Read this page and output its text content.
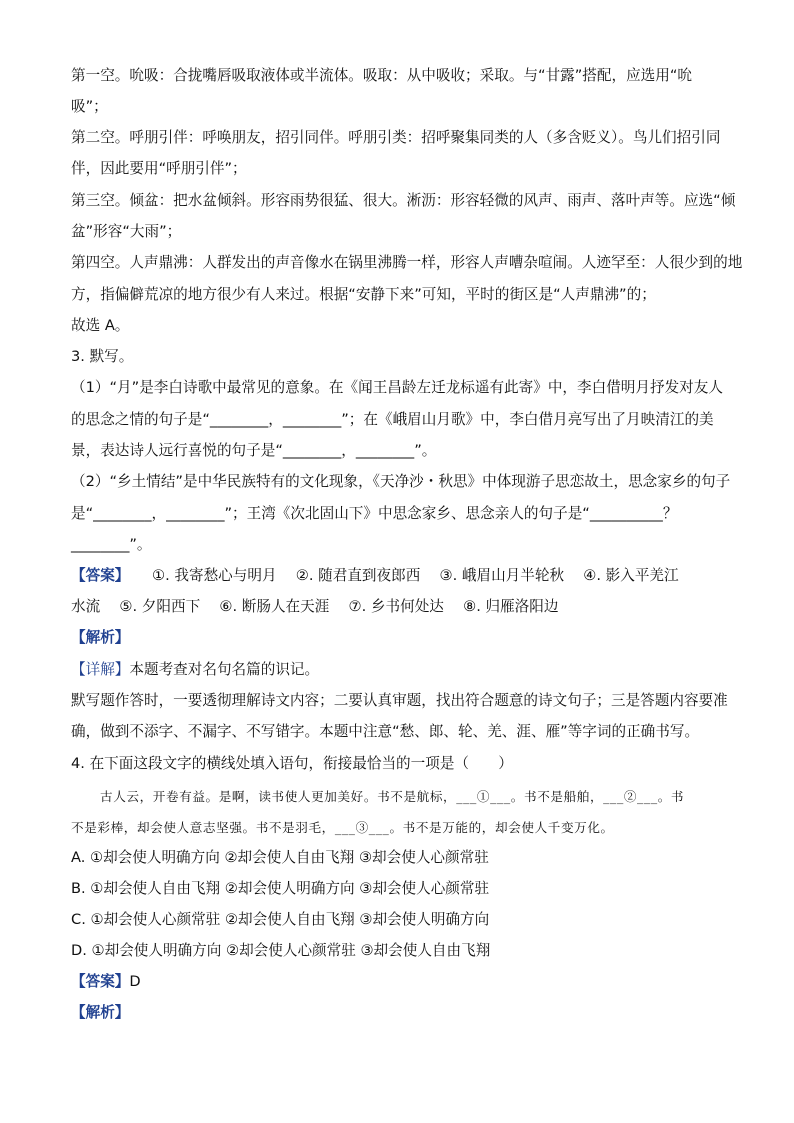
第一空。吮吸：合拢嘴唇吸取液体或半流体。吸取：从中吸收；采取。与“甘露”搭配，应选用“吮
吸”；
第二空。呼朋引伴：呼唤朋友，招引同伴。呼朋引类：招呼聚集同类的人（多含贬义）。鸟儿们招引同
伴，因此要用“呼朋引伴”；
第三空。倾盆：把水盆倾斜。形容雨势很猛、很大。淅沥：形容轻微的风声、雨声、落叶声等。应选“倾
盆”形容“大雨”；
第四空。人声鼎沸：人群发出的声音像水在锅里沸腾一样，形容人声嘈杂喧闹。人迹罕至：人很少到的地
方，指偏僻荒凉的地方很少有人来过。根据“安静下来”可知，平时的街区是“人声鼎沸”的；
故选 A。
3. 默写。
（1）“月”是李白诗歌中最常见的意象。在《闻王昌龄左迁龙标遥有此寄》中，李白借明月抒发对友人
的思念之情的句子是“________，________”；在《峨眉山月歌》中，李白借月亮写出了月映清江的美
景，表达诗人远行喜悦的句子是“________，________”。
（2）“乡土情结”是中华民族特有的文化现象，《天净沙・秋思》中体现游子思恋故土，思念家乡的句子
是“________，________”；王湾《次北固山下》中思念家乡、思念亲人的句子是“__________？
________”。
【答案】 ①. 我寄愁心与明月　 ②. 随君直到夜郎西　 ③. 峨眉山月半轮秋　 ④. 影入平羌江
水流　 ⑤. 夕阳西下　 ⑥. 断肠人在天涯　 ⑦. 乡书何处达　 ⑧. 归雁洛阳边
【解析】
【详解】本题考查对名句名篇的识记。
默写题作答时，一要透彻理解诗文内容；二要认真审题，找出符合题意的诗文句子；三是答题内容要准
确，做到不添字、不漏字、不写错字。本题中注意“愁、郎、轮、羌、涯、雁”等字词的正确书写。
4. 在下面这段文字的横线处填入语句，衔接最恰当的一项是（　　）
古人云，开卷有益。是啊，读书使人更加美好。书不是航标，___①___。书不是船舶，___②___。书
不是彩棒，却会使人意志坚强。书不是羽毛，___③___。书不是万能的，却会使人千变万化。
A. ①却会使人明确方向 ②却会使人自由飞翔 ③却会使人心颜常驻
B. ①却会使人自由飞翔 ②却会使人明确方向 ③却会使人心颜常驻
C. ①却会使人心颜常驻 ②却会使人自由飞翔 ③却会使人明确方向
D. ①却会使人明确方向 ②却会使人心颜常驻 ③却会使人自由飞翔
【答案】D
【解析】
